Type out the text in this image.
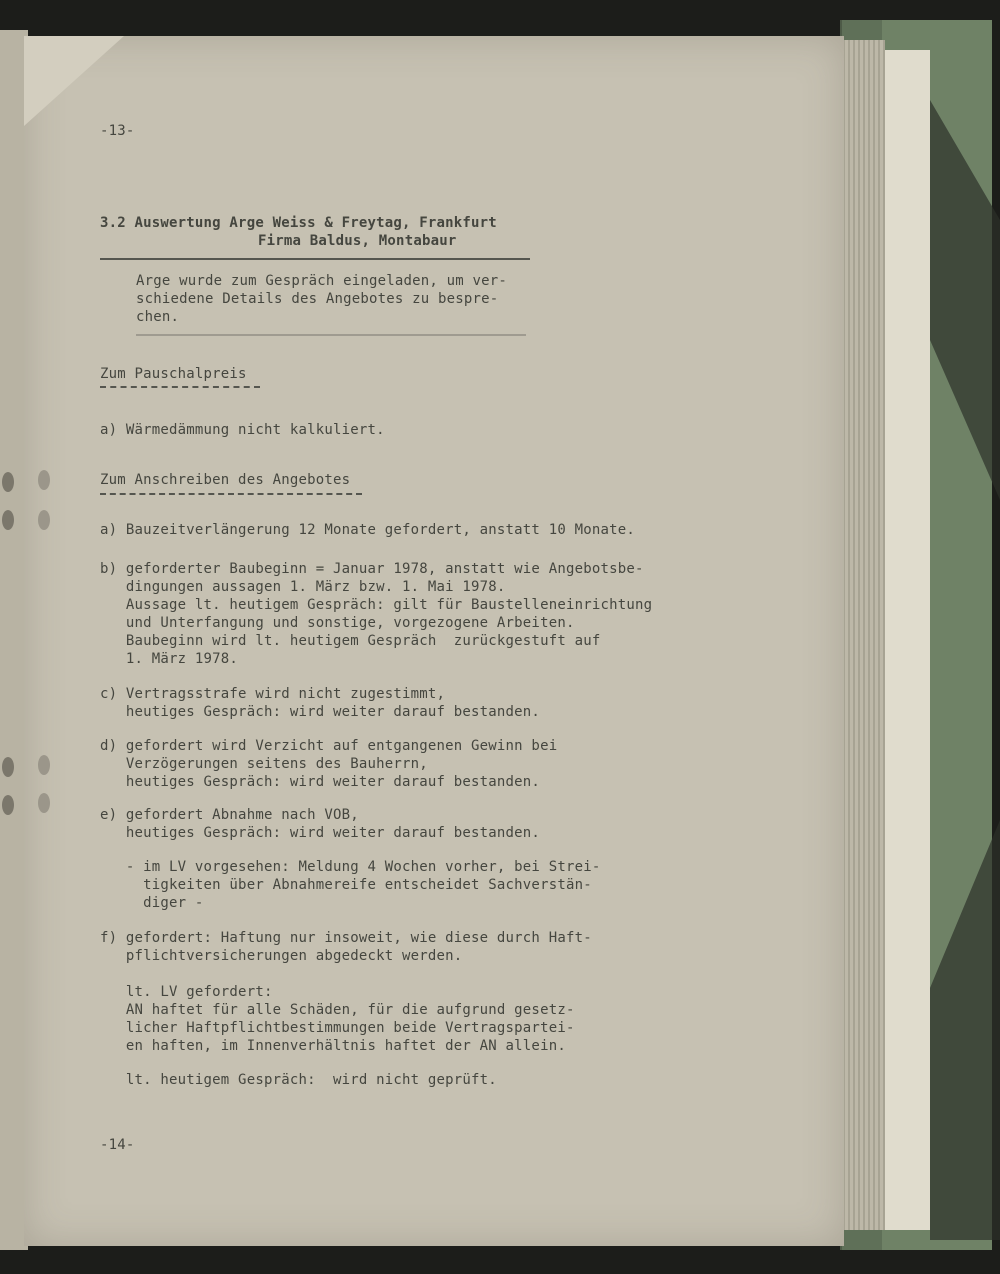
-13-
3.2 Auswertung Arge Weiss & Freytag, Frankfurt
Firma Baldus, Montabaur
Arge wurde zum Gespräch eingeladen, um ver-
schiedene Details des Angebotes zu bespre-
chen.
Zum Pauschalpreis
a) Wärmedämmung nicht kalkuliert.
Zum Anschreiben des Angebotes
a) Bauzeitverlängerung 12 Monate gefordert, anstatt 10 Monate.
b) geforderter Baubeginn = Januar 1978, anstatt wie Angebotsbe-
dingungen aussagen 1. März bzw. 1. Mai 1978.
Aussage lt. heutigem Gespräch: gilt für Baustelleneinrichtung
und Unterfangung und sonstige, vorgezogene Arbeiten.
Baubeginn wird lt. heutigem Gespräch  zurückgestuft auf
1. März 1978.
c) Vertragsstrafe wird nicht zugestimmt,
heutiges Gespräch: wird weiter darauf bestanden.
d) gefordert wird Verzicht auf entgangenen Gewinn bei
Verzögerungen seitens des Bauherrn,
heutiges Gespräch: wird weiter darauf bestanden.
e) gefordert Abnahme nach VOB,
heutiges Gespräch: wird weiter darauf bestanden.
- im LV vorgesehen: Meldung 4 Wochen vorher, bei Strei-
tigkeiten über Abnahmereife entscheidet Sachverstän-
diger -
f) gefordert: Haftung nur insoweit, wie diese durch Haft-
pflichtversicherungen abgedeckt werden.
lt. LV gefordert:
AN haftet für alle Schäden, für die aufgrund gesetz-
licher Haftpflichtbestimmungen beide Vertragspartei-
en haften, im Innenverhältnis haftet der AN allein.
lt. heutigem Gespräch:  wird nicht geprüft.
-14-
